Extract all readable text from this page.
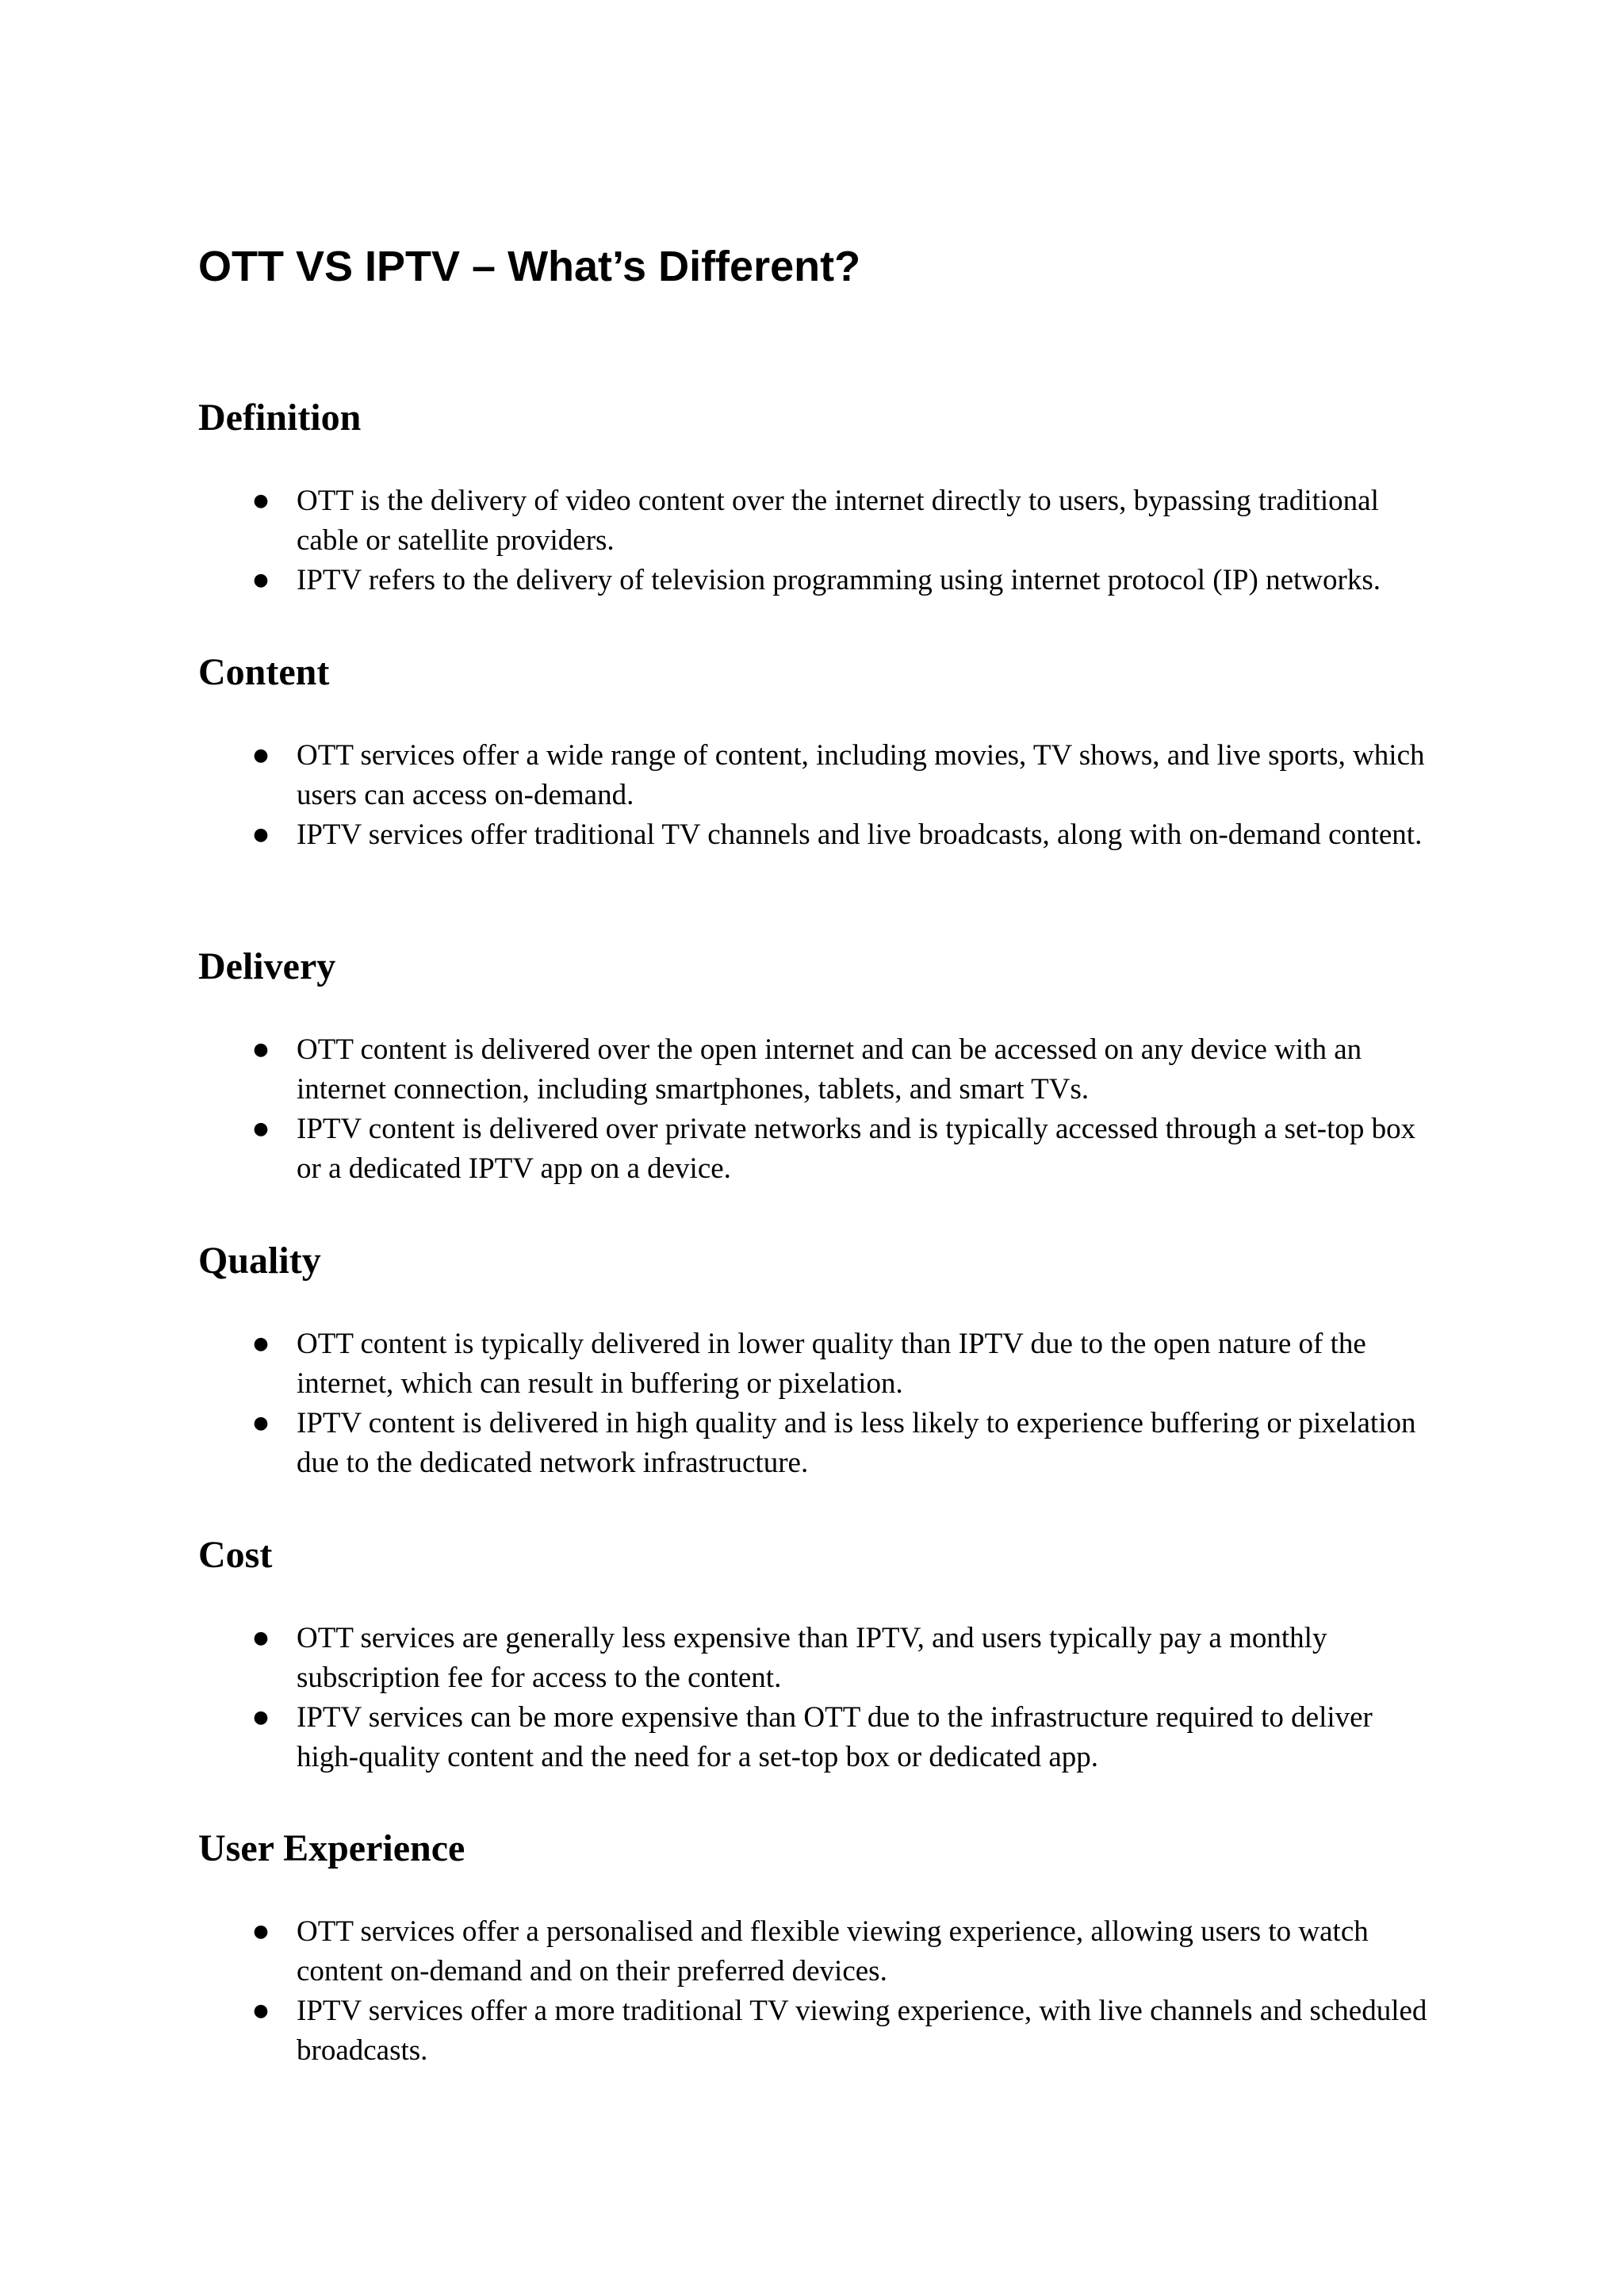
OTT VS IPTV – What’s Different?
Definition
● OTT is the delivery of video content over the internet directly to users, bypassing traditional cable or satellite providers.
● IPTV refers to the delivery of television programming using internet protocol (IP) networks.
Content
● OTT services offer a wide range of content, including movies, TV shows, and live sports, which users can access on-demand.
● IPTV services offer traditional TV channels and live broadcasts, along with on-demand content.
Delivery
● OTT content is delivered over the open internet and can be accessed on any device with an internet connection, including smartphones, tablets, and smart TVs.
● IPTV content is delivered over private networks and is typically accessed through a set-top box or a dedicated IPTV app on a device.
Quality
● OTT content is typically delivered in lower quality than IPTV due to the open nature of the internet, which can result in buffering or pixelation.
● IPTV content is delivered in high quality and is less likely to experience buffering or pixelation due to the dedicated network infrastructure.
Cost
● OTT services are generally less expensive than IPTV, and users typically pay a monthly subscription fee for access to the content.
● IPTV services can be more expensive than OTT due to the infrastructure required to deliver high-quality content and the need for a set-top box or dedicated app.
User Experience
● OTT services offer a personalised and flexible viewing experience, allowing users to watch content on-demand and on their preferred devices.
● IPTV services offer a more traditional TV viewing experience, with live channels and scheduled broadcasts.
